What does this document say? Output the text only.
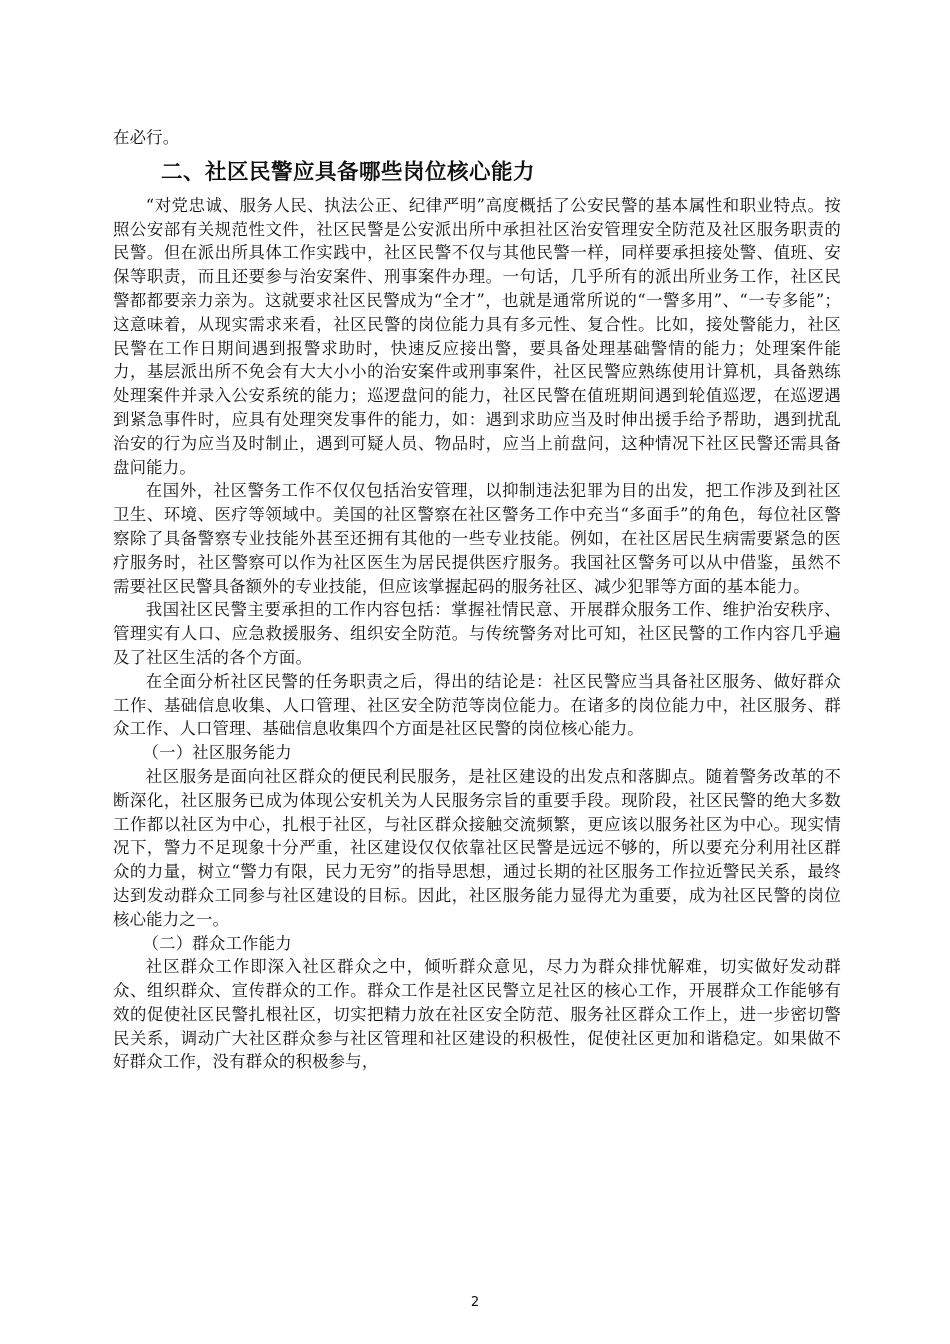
在必行。

二、社区民警应具备哪些岗位核心能力

“对党忠诚、服务人民、执法公正、纪律严明”高度概括了公安民警的基本属性和职业特点。按照公安部有关规范性文件，社区民警是公安派出所中承担社区治安管理安全防范及社区服务职责的民警。但在派出所具体工作实践中，社区民警不仅与其他民警一样，同样要承担接处警、值班、安保等职责，而且还要参与治安案件、刑事案件办理。一句话，几乎所有的派出所业务工作，社区民警都都要亲力亲为。这就要求社区民警成为“全才”，也就是通常所说的“一警多用”、“一专多能”；这意味着，从现实需求来看，社区民警的岗位能力具有多元性、复合性。比如，接处警能力，社区民警在工作日期间遇到报警求助时，快速反应接出警，要具备处理基础警情的能力；处理案件能力，基层派出所不免会有大大小小的治安案件或刑事案件，社区民警应熟练使用计算机，具备熟练处理案件并录入公安系统的能力；巡逻盘问的能力，社区民警在值班期间遇到轮值巡逻，在巡逻遇到紧急事件时，应具有处理突发事件的能力，如：遇到求助应当及时伸出援手给予帮助，遇到扰乱治安的行为应当及时制止，遇到可疑人员、物品时，应当上前盘问，这种情况下社区民警还需具备盘问能力。

在国外，社区警务工作不仅仅包括治安管理，以抑制违法犯罪为目的出发，把工作涉及到社区卫生、环境、医疗等领域中。美国的社区警察在社区警务工作中充当“多面手”的角色，每位社区警察除了具备警察专业技能外甚至还拥有其他的一些专业技能。例如，在社区居民生病需要紧急的医疗服务时，社区警察可以作为社区医生为居民提供医疗服务。我国社区警务可以从中借鉴，虽然不需要社区民警具备额外的专业技能，但应该掌握起码的服务社区、减少犯罪等方面的基本能力。

我国社区民警主要承担的工作内容包括：掌握社情民意、开展群众服务工作、维护治安秩序、管理实有人口、应急救援服务、组织安全防范。与传统警务对比可知，社区民警的工作内容几乎遍及了社区生活的各个方面。

在全面分析社区民警的任务职责之后，得出的结论是：社区民警应当具备社区服务、做好群众工作、基础信息收集、人口管理、社区安全防范等岗位能力。在诸多的岗位能力中，社区服务、群众工作、人口管理、基础信息收集四个方面是社区民警的岗位核心能力。

（一）社区服务能力

社区服务是面向社区群众的便民利民服务，是社区建设的出发点和落脚点。随着警务改革的不断深化，社区服务已成为体现公安机关为人民服务宗旨的重要手段。现阶段，社区民警的绝大多数工作都以社区为中心，扎根于社区，与社区群众接触交流频繁，更应该以服务社区为中心。现实情况下，警力不足现象十分严重，社区建设仅仅依靠社区民警是远远不够的，所以要充分利用社区群众的力量，树立“警力有限，民力无穷”的指导思想，通过长期的社区服务工作拉近警民关系，最终达到发动群众工同参与社区建设的目标。因此，社区服务能力显得尤为重要，成为社区民警的岗位核心能力之一。

（二）群众工作能力

社区群众工作即深入社区群众之中，倾听群众意见，尽力为群众排忧解难，切实做好发动群众、组织群众、宣传群众的工作。群众工作是社区民警立足社区的核心工作，开展群众工作能够有效的促使社区民警扎根社区，切实把精力放在社区安全防范、服务社区群众工作上，进一步密切警民关系，调动广大社区群众参与社区管理和社区建设的积极性，促使社区更加和谐稳定。如果做不好群众工作，没有群众的积极参与，

2
